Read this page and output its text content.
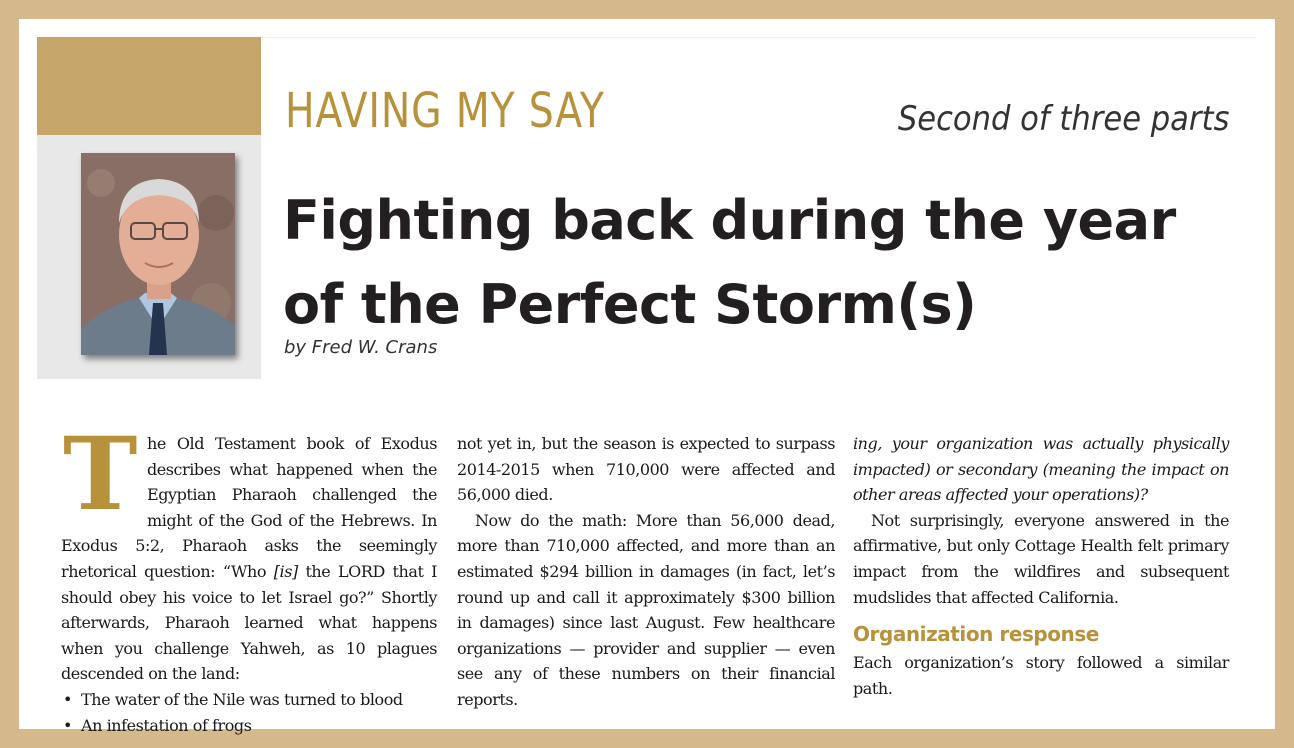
HAVING MY SAY	Second of three parts
Fighting back during the year
of the Perfect Storm(s)
by Fred W. Crans

The Old Testament book of Exodus describes what happened when the Egyptian Pharaoh challenged the might of the God of the Hebrews. In Exodus 5:2, Pharaoh asks the seemingly rhetorical question: “Who [is] the LORD that I should obey his voice to let Israel go?” Shortly afterwards, Pharaoh learned what happens when you challenge Yahweh, as 10 plagues descended on the land:

• The water of the Nile was turned to blood
• An infestation of frogs

not yet in, but the season is expected to surpass 2014-2015 when 710,000 were affected and 56,000 died.

Now do the math: More than 56,000 dead, more than 710,000 affected, and more than an estimated $294 billion in damages (in fact, let’s round up and call it approximately $300 billion in damages) since last August. Few healthcare organizations — provider and supplier — even see any of these numbers on their financial reports.

ing, your organization was actually physically impacted) or secondary (meaning the impact on other areas affected your operations)?

Not surprisingly, everyone answered in the affirmative, but only Cottage Health felt primary impact from the wildfires and subsequent mudslides that affected California.

Organization response

Each organization’s story followed a similar path.
